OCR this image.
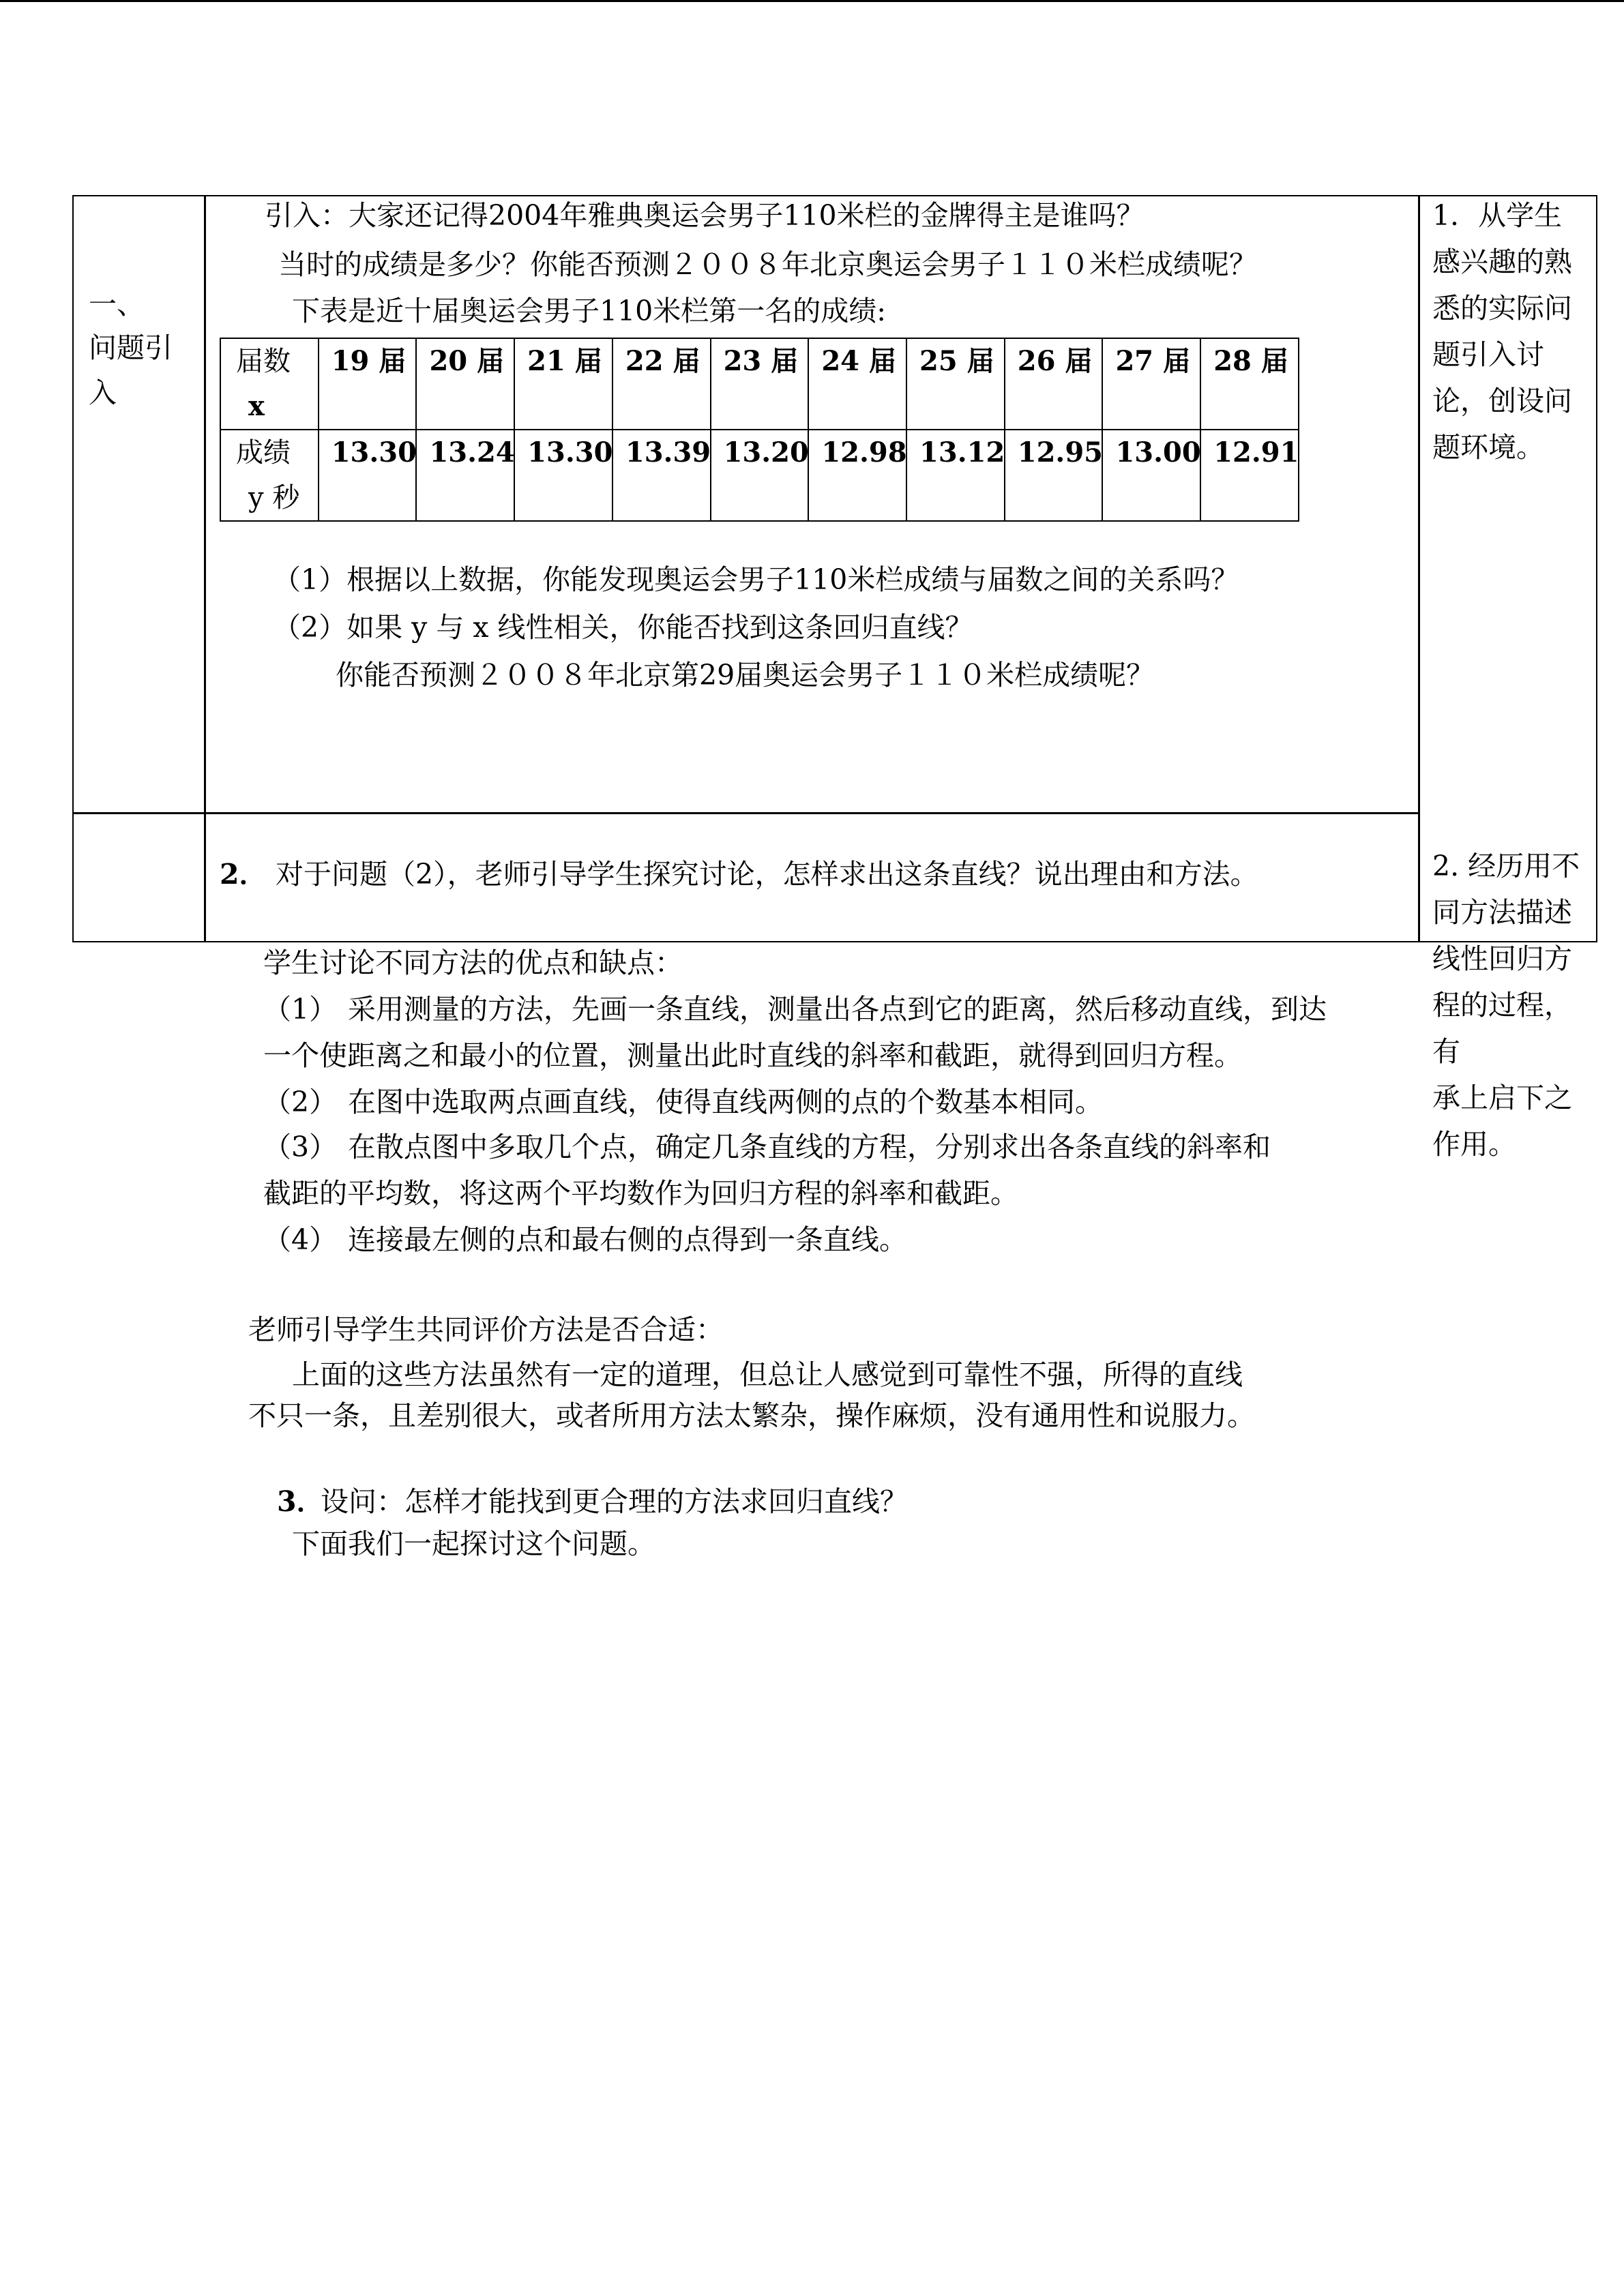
一、
问题引
入
引入：大家还记得2004年雅典奥运会男子110米栏的金牌得主是谁吗？
当时的成绩是多少？你能否预测２００８年北京奥运会男子１１０米栏成绩呢？
下表是近十届奥运会男子110米栏第一名的成绩:
届数
x	19 届	20 届	21 届	22 届	23 届	24 届	25 届	26 届	27 届	28 届

成绩
y 秒	13.30	13.24	13.30	13.39	13.20	12.98	13.12	12.95	13.00	12.91
（1）根据以上数据，你能发现奥运会男子110米栏成绩与届数之间的关系吗？
（2）如果 y 与 x 线性相关，你能否找到这条回归直线？
你能否预测２００８年北京第29届奥运会男子１１０米栏成绩呢？
1．从学生
感兴趣的熟
悉的实际问
题引入讨
论，创设问
题环境。
2． 对于问题（2），老师引导学生探究讨论，怎样求出这条直线？说出理由和方法。
学生讨论不同方法的优点和缺点：
（1） 采用测量的方法，先画一条直线，测量出各点到它的距离，然后移动直线，到达
一个使距离之和最小的位置，测量出此时直线的斜率和截距，就得到回归方程。
（2） 在图中选取两点画直线，使得直线两侧的点的个数基本相同。
（3） 在散点图中多取几个点，确定几条直线的方程，分别求出各条直线的斜率和
截距的平均数，将这两个平均数作为回归方程的斜率和截距。
（4） 连接最左侧的点和最右侧的点得到一条直线。
老师引导学生共同评价方法是否合适：
上面的这些方法虽然有一定的道理，但总让人感觉到可靠性不强，所得的直线
不只一条，且差别很大，或者所用方法太繁杂，操作麻烦，没有通用性和说服力。
3．
设问：怎样才能找到更合理的方法求回归直线？
下面我们一起探讨这个问题。
2. 经历用不
同方法描述
线性回归方
程的过程，
有
承上启下之
作用。
